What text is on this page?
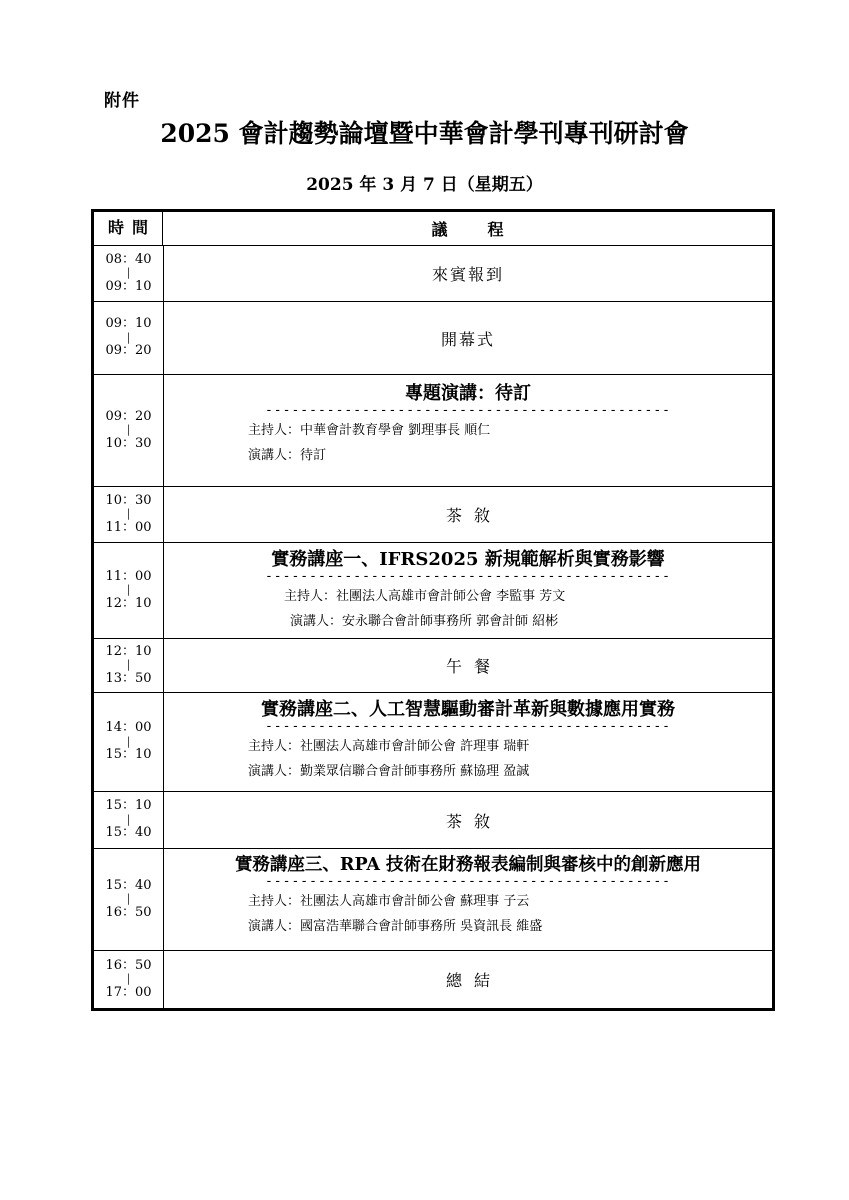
附件
2025 會計趨勢論壇暨中華會計學刊專刊研討會
2025 年 3 月 7 日（星期五）
時間	議程
08：40
|
09：10
來賓報到
09：10
|
09：20
開幕式
09：20
|
10：30
專題演講：待訂
----------------------------------------------
主持人：中華會計教育學會 劉理事長 順仁
演講人：待訂
10：30
|
11：00
茶敘
11：00
|
12：10
實務講座一、IFRS2025 新規範解析與實務影響
----------------------------------------------
主持人：社團法人高雄市會計師公會 李監事 芳文
演講人：安永聯合會計師事務所 郭會計師 紹彬
12：10
|
13：50
午餐
14：00
|
15：10
實務講座二、人工智慧驅動審計革新與數據應用實務
----------------------------------------------
主持人：社團法人高雄市會計師公會 許理事 瑞軒
演講人：勤業眾信聯合會計師事務所 蘇協理 盈誠
15：10
|
15：40
茶敘
15：40
|
16：50
實務講座三、RPA 技術在財務報表編制與審核中的創新應用
----------------------------------------------
主持人：社團法人高雄市會計師公會 蘇理事 子云
演講人：國富浩華聯合會計師事務所 吳資訊長 維盛
16：50
|
17：00
總結
